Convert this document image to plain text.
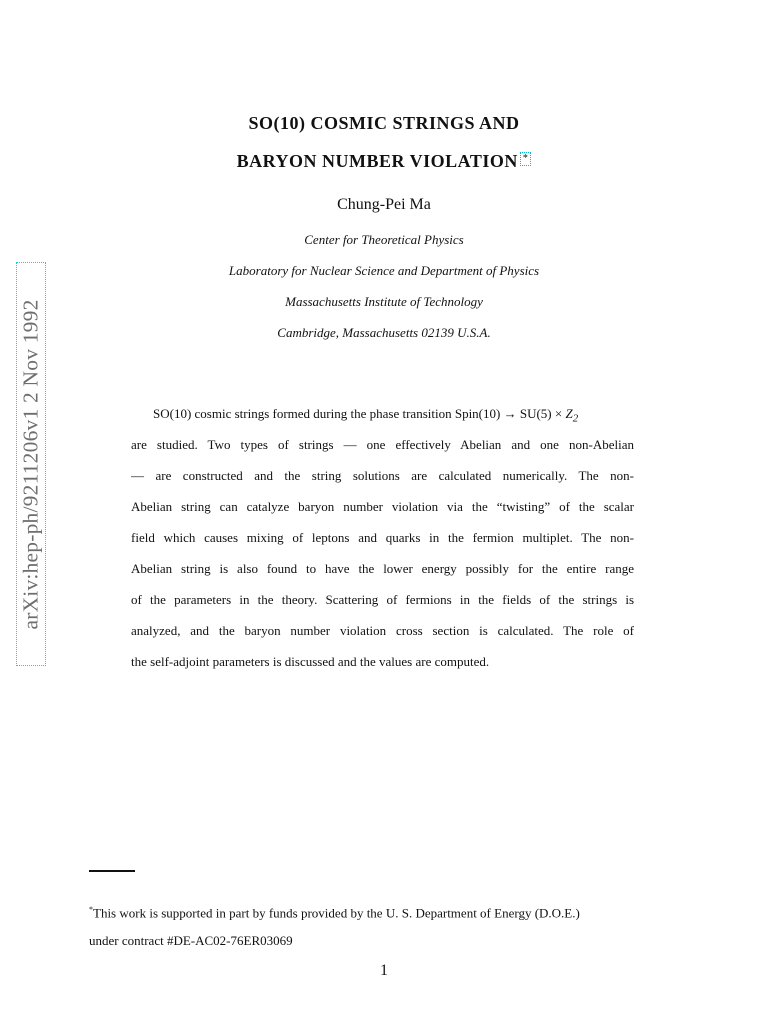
arXiv:hep-ph/9211206v1 2 Nov 1992
SO(10) COSMIC STRINGS AND
BARYON NUMBER VIOLATION *
Chung-Pei Ma
Center for Theoretical Physics
Laboratory for Nuclear Science and Department of Physics
Massachusetts Institute of Technology
Cambridge, Massachusetts 02139 U.S.A.
SO(10) cosmic strings formed during the phase transition Spin(10) → $SU(5) \times Z_2$
are studied. Two types of strings — one effectively Abelian and one non-Abelian
— are constructed and the string solutions are calculated numerically. The non-
Abelian string can catalyze baryon number violation via the “twisting” of the scalar
field which causes mixing of leptons and quarks in the fermion multiplet. The non-
Abelian string is also found to have the lower energy possibly for the entire range
of the parameters in the theory. Scattering of fermions in the fields of the strings is
analyzed, and the baryon number violation cross section is calculated. The role of
the self-adjoint parameters is discussed and the values are computed.
*This work is supported in part by funds provided by the U. S. Department of Energy (D.O.E.)
under contract #DE-AC02-76ER03069
1
